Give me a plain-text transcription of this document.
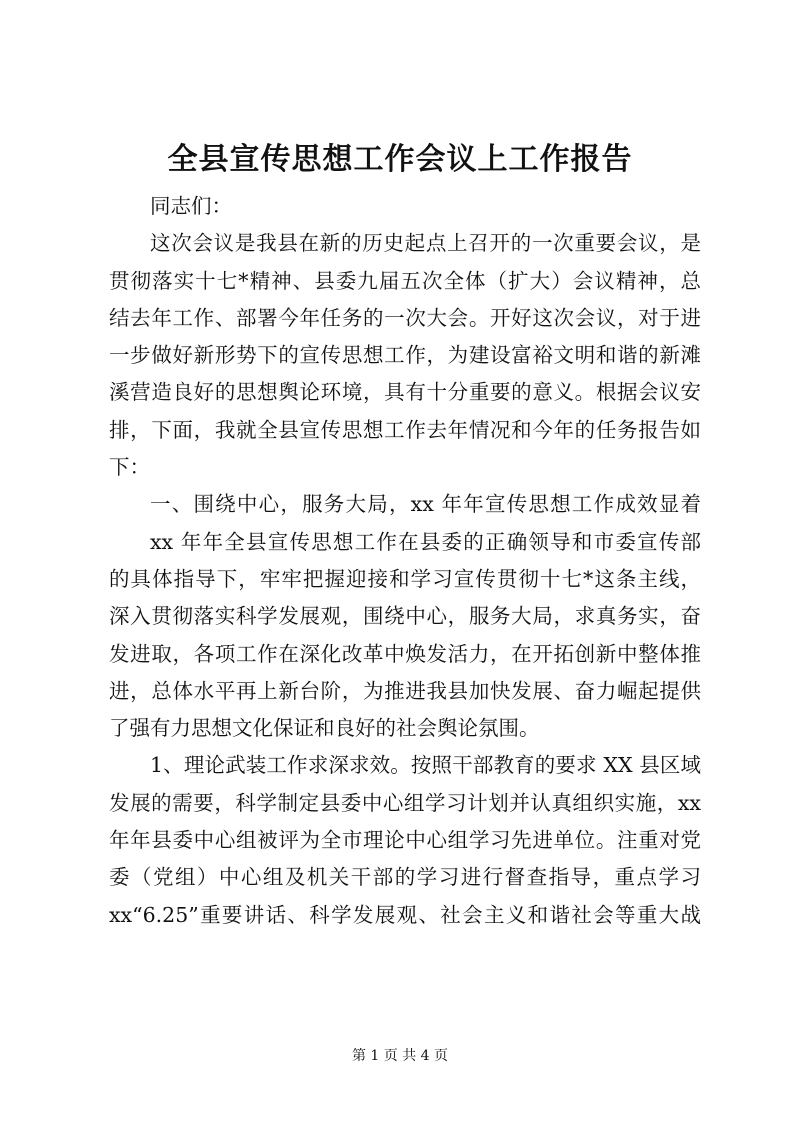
全县宣传思想工作会议上工作报告
同志们：
这次会议是我县在新的历史起点上召开的一次重要会议，是
贯彻落实十七*精神、县委九届五次全体（扩大）会议精神，总
结去年工作、部署今年任务的一次大会。开好这次会议，对于进
一步做好新形势下的宣传思想工作，为建设富裕文明和谐的新滩
溪营造良好的思想舆论环境，具有十分重要的意义。根据会议安
排，下面，我就全县宣传思想工作去年情况和今年的任务报告如
下：
一、围绕中心，服务大局，xx 年年宣传思想工作成效显着
xx 年年全县宣传思想工作在县委的正确领导和市委宣传部
的具体指导下，牢牢把握迎接和学习宣传贯彻十七*这条主线，
深入贯彻落实科学发展观，围绕中心，服务大局，求真务实，奋
发进取，各项工作在深化改革中焕发活力，在开拓创新中整体推
进，总体水平再上新台阶，为推进我县加快发展、奋力崛起提供
了强有力思想文化保证和良好的社会舆论氛围。
1、理论武装工作求深求效。按照干部教育的要求 XX 县区域
发展的需要，科学制定县委中心组学习计划并认真组织实施，xx
年年县委中心组被评为全市理论中心组学习先进单位。注重对党
委（党组）中心组及机关干部的学习进行督查指导，重点学习
xx“6.25”重要讲话、科学发展观、社会主义和谐社会等重大战
第 1 页 共 4 页
